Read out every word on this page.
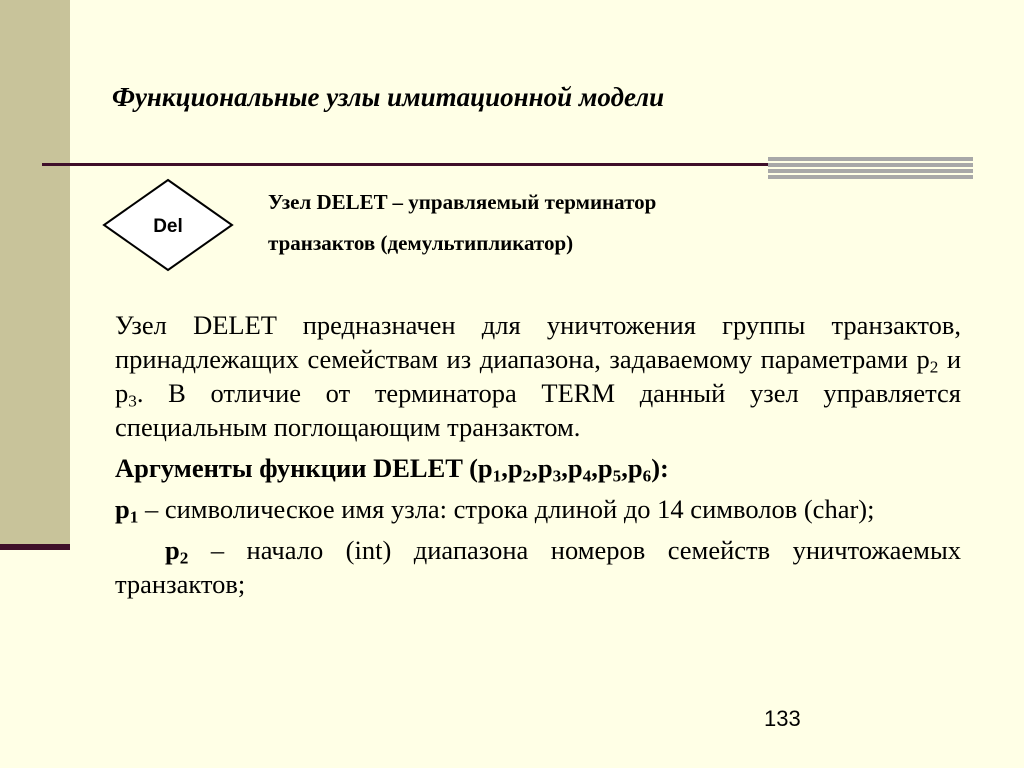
Функциональные узлы имитационной модели
Del
Узел DELET – управляемый терминатор
транзактов (демультипликатор)

Узел DELET предназначен для уничтожения группы транзактов, принадлежащих семействам из диапазона, задаваемому параметрами $p_2$ и $p_3$. В отличие от терминатора TERM данный узел управляется специальным поглощающим транзактом.

Аргументы функции DELET $(p_1,p_2,p_3,p_4,p_5,p_6)$:

$p_1$ – символическое имя узла: строка длиной до 14 символов (char);

$p_2$ – начало (int) диапазона номеров семейств уничтожаемых транзактов;

133
